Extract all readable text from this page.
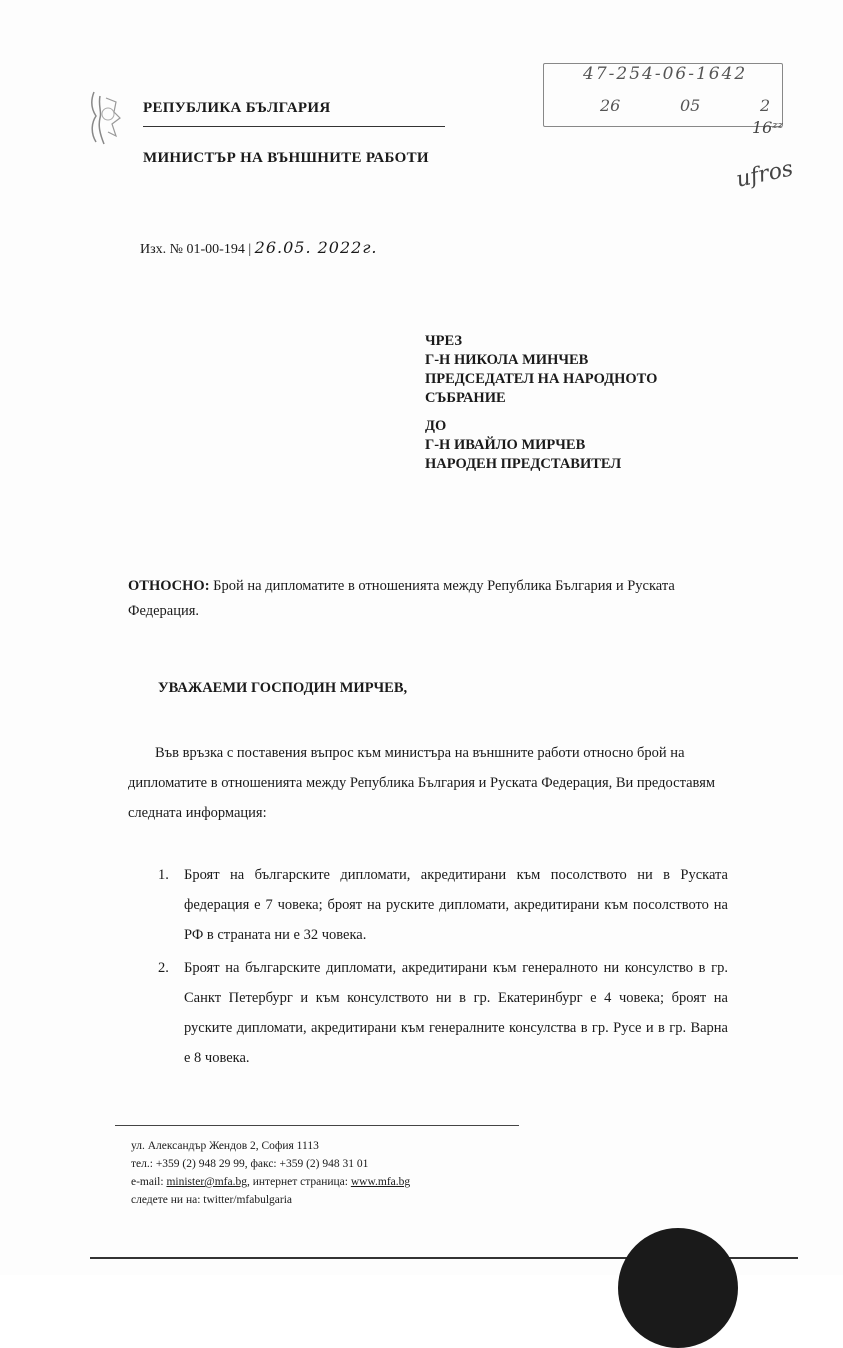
РЕПУБЛИКА БЪЛГАРИЯ
МИНИСТЪР НА ВЪНШНИТЕ РАБОТИ
47-254-06-1642
26	05	2
16ᶻᶻ
ufros
Изх. № 01-00-194 | 26.05. 2022г.
ЧРЕЗ
Г-Н НИКОЛА МИНЧЕВ
ПРЕДСЕДАТЕЛ НА НАРОДНОТО
СЪБРАНИЕ
ДО
Г-Н ИВАЙЛО МИРЧЕВ
НАРОДЕН ПРЕДСТАВИТЕЛ
ОТНОСНО: Брой на дипломатите в отношенията между Република България и Руската Федерация.
УВАЖАЕМИ ГОСПОДИН МИРЧЕВ,

Във връзка с поставения въпрос към министъра на външните работи относно брой на дипломатите в отношенията между Република България и Руската Федерация, Ви предоставям следната информация:

1. Броят на българските дипломати, акредитирани към посолството ни в Руската федерация е 7 човека; броят на руските дипломати, акредитирани към посолството на РФ в страната ни е 32 човека.
2. Броят на българските дипломати, акредитирани към генералното ни консулство в гр. Санкт Петербург и към консулството ни в гр. Екатеринбург е 4 човека; броят на руските дипломати, акредитирани към генералните консулства в гр. Русе и в гр. Варна е 8 човека.
ул. Александър Жендов 2, София 1113
тел.: +359 (2) 948 29 99, факс: +359 (2) 948 31 01
e-mail: minister@mfa.bg, интернет страница: www.mfa.bg
следете ни на: twitter/mfabulgaria
